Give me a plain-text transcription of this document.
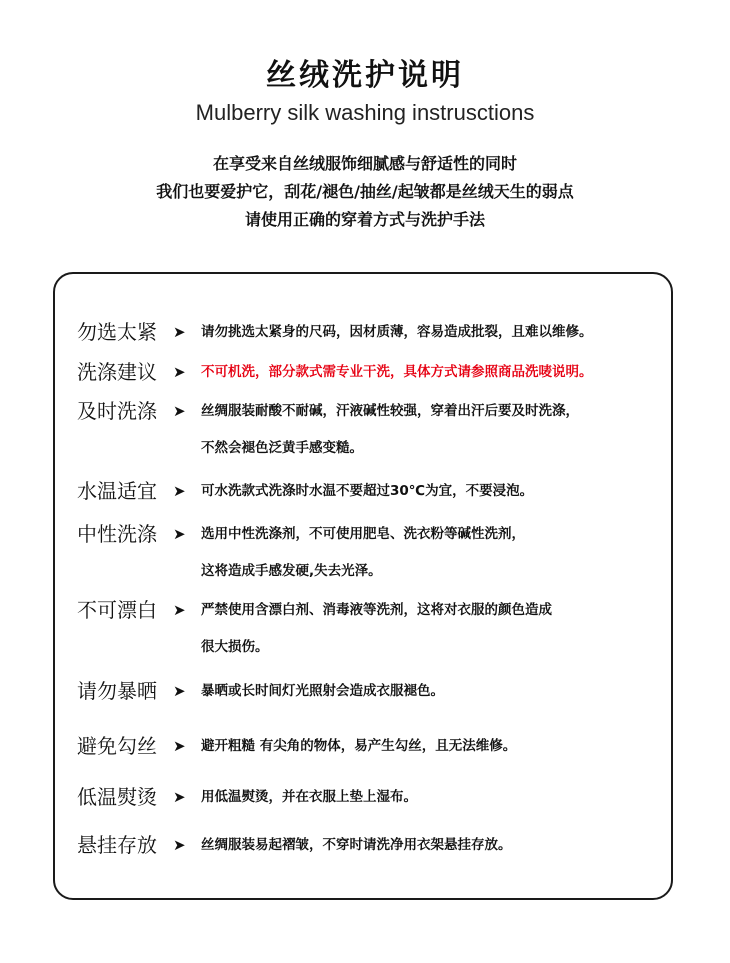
丝绒洗护说明
Mulberry silk washing instrusctions
在享受来自丝绒服饰细腻感与舒适性的同时
我们也要爱护它，刮花/褪色/抽丝/起皱都是丝绒天生的弱点
请使用正确的穿着方式与洗护手法
勿选太紧 ➤ 请勿挑选太紧身的尺码，因材质薄，容易造成批裂，且难以维修。
洗涤建议 ➤ 不可机洗，部分款式需专业干洗，具体方式请参照商品洗唛说明。
及时洗涤 ➤ 丝绸服装耐酸不耐碱，汗液碱性较强，穿着出汗后要及时洗涤，
不然会褪色泛黄手感变糙。
水温适宜 ➤ 可水洗款式洗涤时水温不要超过30℃为宜，不要浸泡。
中性洗涤 ➤ 选用中性洗涤剂，不可使用肥皂、洗衣粉等碱性洗剂，
这将造成手感发硬,失去光泽。
不可漂白 ➤ 严禁使用含漂白剂、消毒液等洗剂，这将对衣服的颜色造成
很大损伤。
请勿暴晒 ➤ 暴晒或长时间灯光照射会造成衣服褪色。
避免勾丝 ➤ 避开粗糙 有尖角的物体，易产生勾丝，且无法维修。
低温熨烫 ➤ 用低温熨烫，并在衣服上垫上湿布。
悬挂存放 ➤ 丝绸服装易起褶皱，不穿时请洗净用衣架悬挂存放。
